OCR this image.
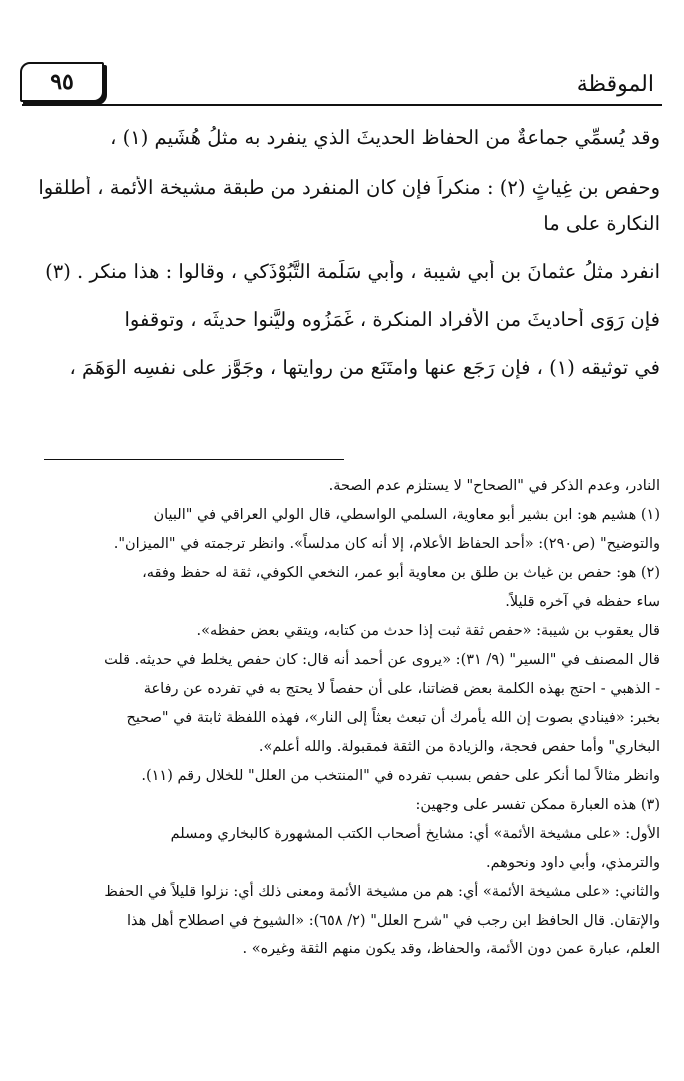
٩٥	الموقظة

وقد يُسمِّي جماعةٌ من الحفاظ الحديثَ الذي ينفرد به مثلُ هُشَيم (١) ،

وحفصِ بنِ غِياثٍ (٢) : منكراً فإن كان المنفرد من طبقة مشيخة الأئمة ، أطلقوا

النكارة على ما

انفرد مثلُ عثمانَ بن أبي شيبة ، وأبي سَلَمة التَّبُوْذَكي ، وقالوا : هذا منكر . (٣)

فإن رَوَى أحاديثَ من الأفراد المنكرة ، غَمَزُوه وليَّنوا حديثَه ، وتوقفوا

في توثيقه (١) ، فإن رَجَع عنها وامتَنَع من روايتها ، وجَوَّز على نفسِه الوَهَمَ ،

النادر، وعدم الذكر في "الصحاح" لا يستلزم عدم الصحة.

(١) هشيم هو: ابن بشير أبو معاوية، السلمي الواسطي، قال الولي العراقي في "البيان

والتوضيح" (ص٢٩٠): «أحد الحفاظ الأعلام، إلا أنه كان مدلساً». وانظر ترجمته في "الميزان".

(٢) هو: حفص بن غياث بن طلق بن معاوية أبو عمر، النخعي الكوفي، ثقة له حفظ وفقه،

ساء حفظه في آخره قليلاً.

قال يعقوب بن شيبة: «حفص ثقة ثبت إذا حدث من كتابه، ويتقي بعض حفظه».

قال المصنف في "السير" (٩/ ٣١): «يروى عن أحمد أنه قال: كان حفص يخلط في حديثه. قلت

- الذهبي - احتج بهذه الكلمة بعض قضاتنا، على أن حفصاً لا يحتج به في تفرده عن رفاعة

بخبر: «فينادي بصوت إن الله يأمرك أن تبعث بعثاً إلى النار»، فهذه اللفظة ثابتة في "صحيح

البخاري" وأما حفص فحجة، والزيادة من الثقة فمقبولة. والله أعلم».

وانظر مثالاً لما أنكر على حفص بسبب تفرده في "المنتخب من العلل" للخلال رقم (١١).

(٣) هذه العبارة ممكن تفسر على وجهين:

الأول: «على مشيخة الأئمة» أي: مشايخ أصحاب الكتب المشهورة كالبخاري ومسلم

والترمذي، وأبي داود ونحوهم.

والثاني: «على مشيخة الأئمة» أي: هم من مشيخة الأئمة ومعنى ذلك أي: نزلوا قليلاً في الحفظ

والإتقان. قال الحافظ ابن رجب في "شرح العلل" (٢/ ٦٥٨): «الشيوخ في اصطلاح أهل هذا

العلم، عبارة عمن دون الأئمة، والحفاظ، وقد يكون منهم الثقة وغيره» .
